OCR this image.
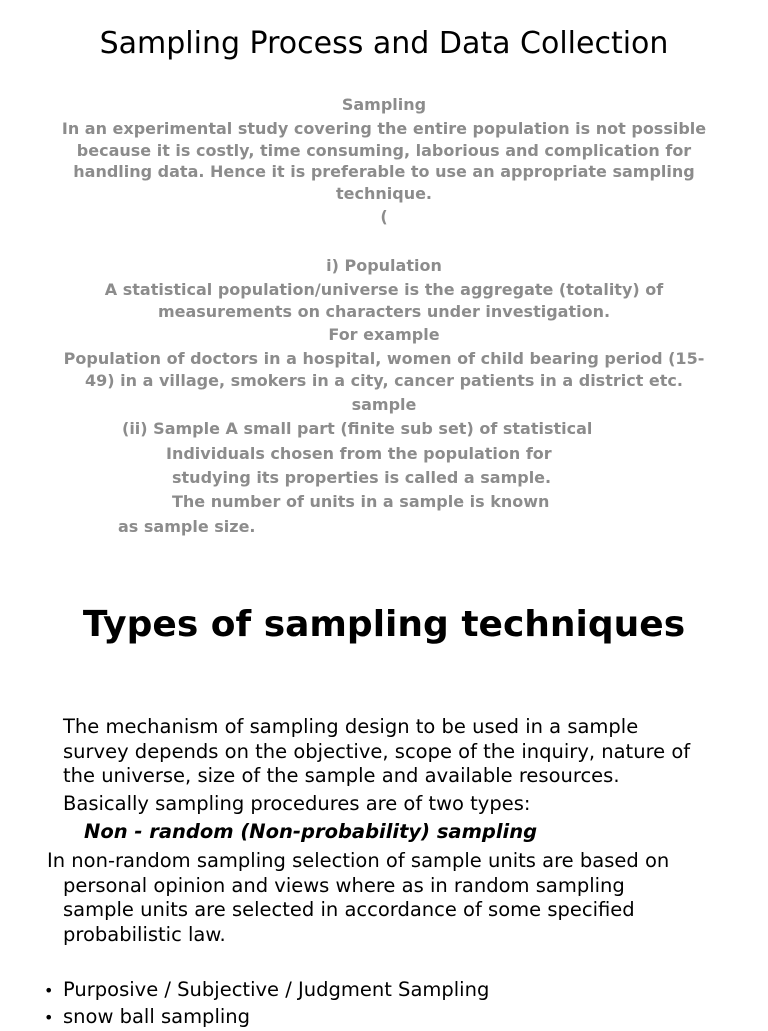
Sampling Process and Data Collection
Sampling
In an experimental study covering the entire population is not possible
because it is costly, time consuming, laborious and complication for
handling data. Hence it is preferable to use an appropriate sampling
technique.
(
i) Population
A statistical population/universe is the aggregate (totality) of
measurements on characters under investigation.
For example
Population of doctors in a hospital, women of child bearing period (15-
49) in a village, smokers in a city, cancer patients in a district etc.
sample
(ii) Sample A small part (finite sub set) of statistical
Individuals chosen from the population for
studying its properties is called a sample.
The number of units in a sample is known
as sample size.
Types of sampling techniques
The mechanism of sampling design to be used in a sample
survey depends on the objective, scope of the inquiry, nature of
the universe, size of the sample and available resources.
Basically sampling procedures are of two types:
Non - random (Non-probability) sampling
In non-random sampling selection of sample units are based on
personal opinion and views where as in random sampling
sample units are selected in accordance of some specified
probabilistic law.
• Purposive / Subjective / Judgment Sampling
• snow ball sampling
